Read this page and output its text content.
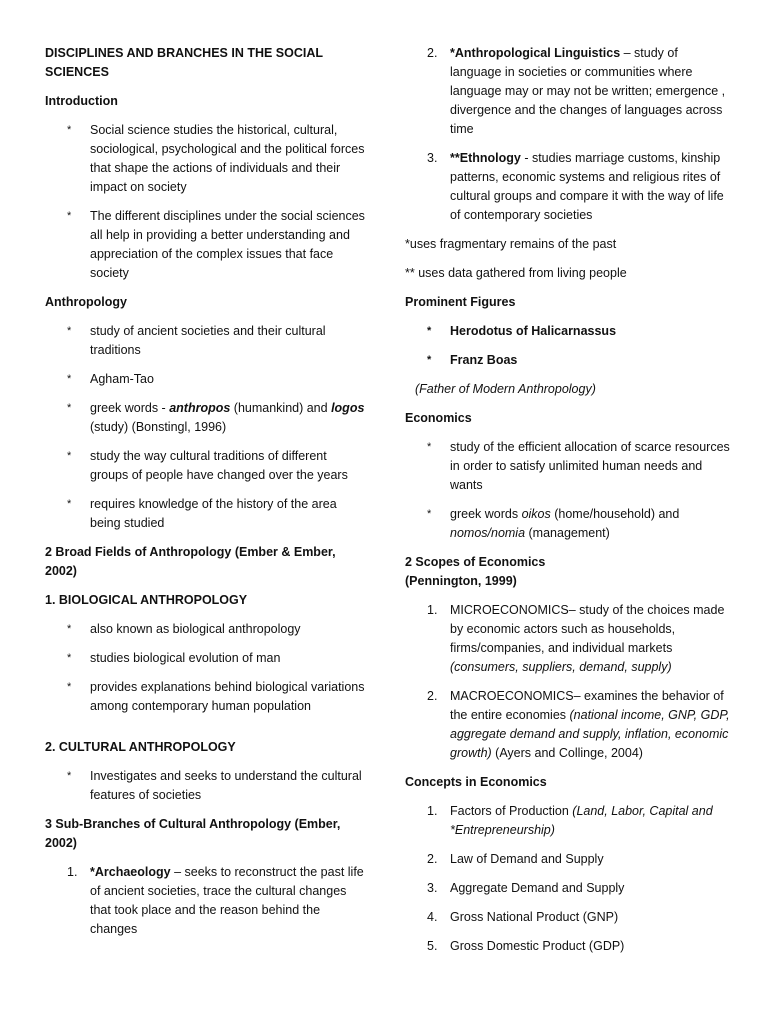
DISCIPLINES AND BRANCHES IN THE SOCIAL SCIENCES

Introduction

* Social science studies the historical, cultural, sociological, psychological and the political forces that shape the actions of individuals and their impact on society
* The different disciplines under the social sciences all help in providing a better understanding and appreciation of the complex issues that face society

Anthropology

* study of ancient societies and their cultural traditions
* Agham-Tao
* greek words - anthropos (humankind) and logos (study) (Bonstingl, 1996)
* study the way cultural traditions of different groups of people have changed over the years
* requires knowledge of the history of the area being studied

2 Broad Fields of Anthropology (Ember & Ember, 2002)

1. BIOLOGICAL ANTHROPOLOGY

* also known as biological anthropology
* studies biological evolution of man
* provides explanations behind biological variations among contemporary human population

2. CULTURAL ANTHROPOLOGY

* Investigates and seeks to understand the cultural features of societies

3 Sub-Branches of Cultural Anthropology (Ember, 2002)

1. *Archaeology – seeks to reconstruct the past life of ancient societies, trace the cultural changes that took place and the reason behind the changes
2. *Anthropological Linguistics – study of language in societies or communities where language may or may not be written; emergence , divergence and the changes of languages across time
3. **Ethnology - studies marriage customs, kinship patterns, economic systems and religious rites of cultural groups and compare it with the way of life of contemporary societies

*uses fragmentary remains of the past

** uses data gathered from living people

Prominent Figures

* Herodotus of Halicarnassus
* Franz Boas

(Father of Modern Anthropology)

Economics

* study of the efficient allocation of scarce resources in order to satisfy unlimited human needs and wants
* greek words oikos (home/household) and nomos/nomia (management)

2 Scopes of Economics
(Pennington, 1999)

1. MICROECONOMICS– study of the choices made by economic actors such as households, firms/companies, and individual markets (consumers, suppliers, demand, supply)
2. MACROECONOMICS– examines the behavior of the entire economies (national income, GNP, GDP, aggregate demand and supply, inflation, economic growth) (Ayers and Collinge, 2004)

Concepts in Economics

1. Factors of Production (Land, Labor, Capital and *Entrepreneurship)
2. Law of Demand and Supply
3. Aggregate Demand and Supply
4. Gross National Product (GNP)
5. Gross Domestic Product (GDP)
